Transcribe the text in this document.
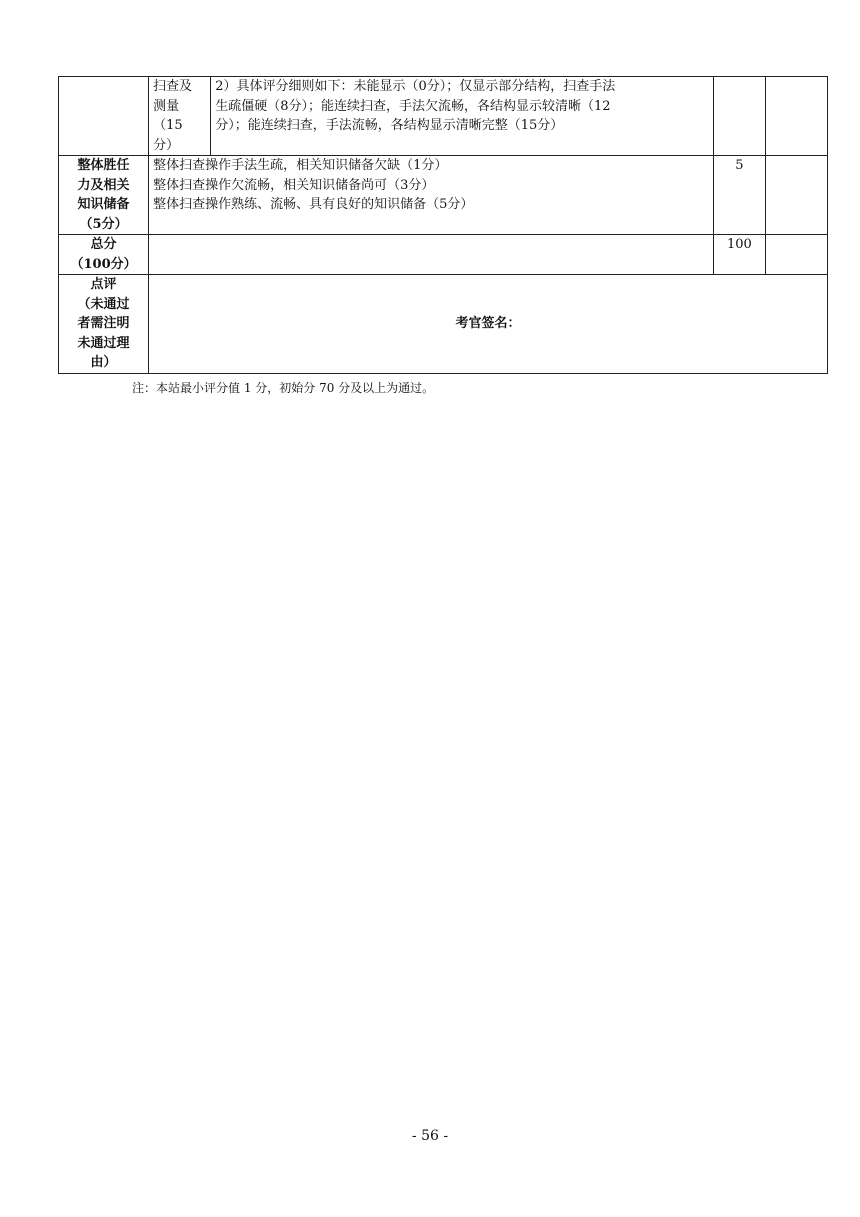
	扫查及
测量
（15
分）	2）具体评分细则如下：未能显示（0分）；仅显示部分结构，扫查手法
生疏僵硬（8分）；能连续扫查，手法欠流畅，各结构显示较清晰（12
分）；能连续扫查，手法流畅，各结构显示清晰完整（15分）		

整体胜任
力及相关
知识储备
（5分）	整体扫查操作手法生疏，相关知识储备欠缺（1分）
整体扫查操作欠流畅，相关知识储备尚可（3分）
整体扫查操作熟练、流畅、具有良好的知识储备（5分）		5	

总分
（100分）			100	

点评
（未通过
者需注明
未通过理
由）	考官签名：			
注：本站最小评分值 1 分，初始分 70 分及以上为通过。
- 56 -
